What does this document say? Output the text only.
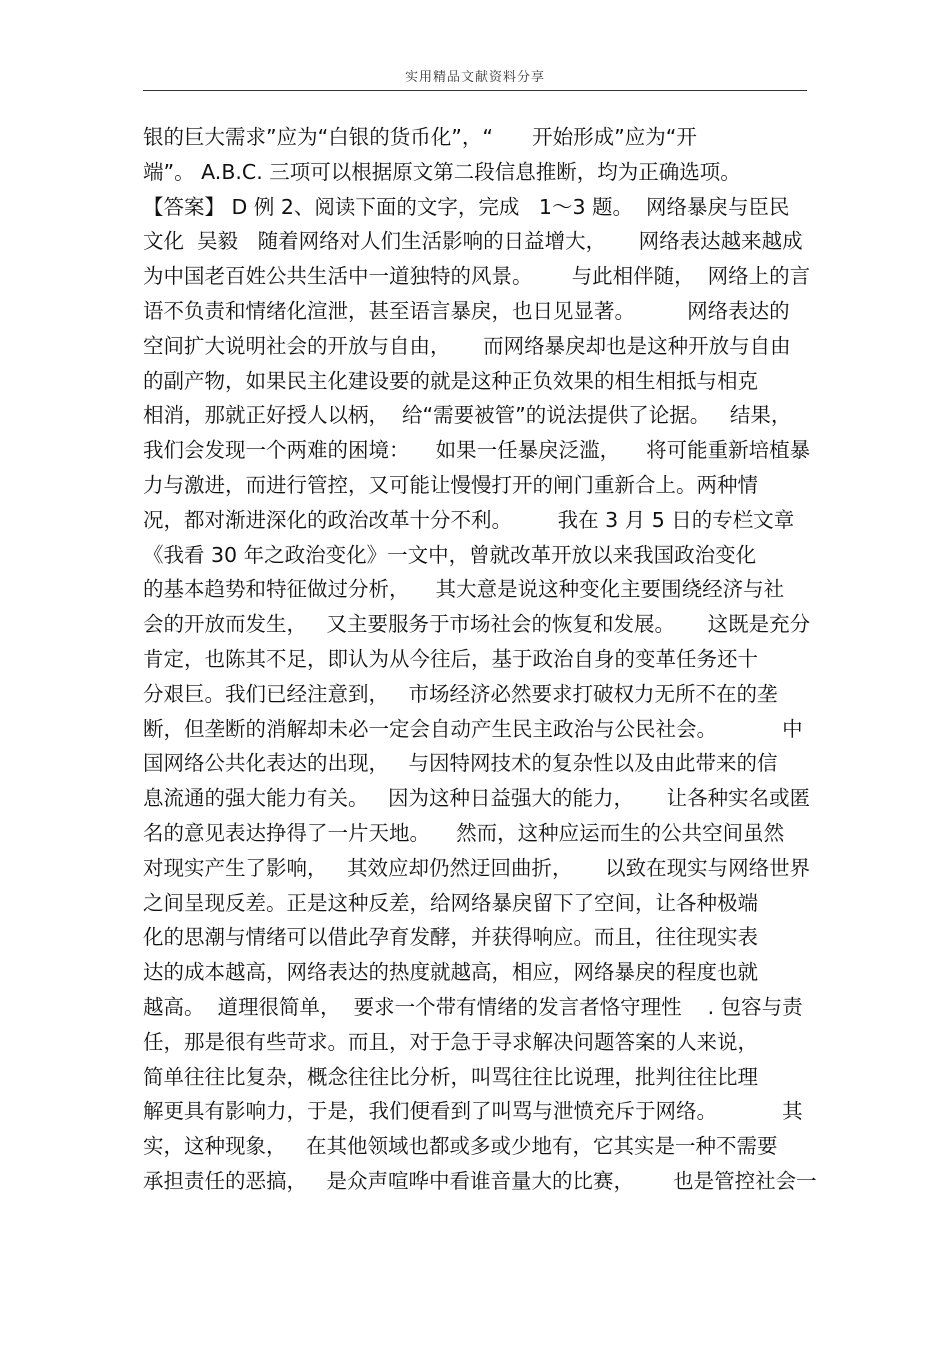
实用精品文献资料分享
银的巨大需求”应为“白银的货币化”，“      开始形成”应为“开
端”。 A.B.C. 三项可以根据原文第二段信息推断，均为正确选项。
【答案】 D 例 2、阅读下面的文字，完成   1～3 题。  网络暴戾与臣民
文化  吴毅   随着网络对人们生活影响的日益增大，     网络表达越来越成
为中国老百姓公共生活中一道独特的风景。      与此相伴随，  网络上的言
语不负责和情绪化渲泄，甚至语言暴戾，也日见显著。        网络表达的
空间扩大说明社会的开放与自由，     而网络暴戾却也是这种开放与自由
的副产物，如果民主化建设要的就是这种正负效果的相生相抵与相克
相消，那就正好授人以柄，  给“需要被管”的说法提供了论据。   结果，
我们会发现一个两难的困境：    如果一任暴戾泛滥，    将可能重新培植暴
力与激进，而进行管控，又可能让慢慢打开的闸门重新合上。两种情
况，都对渐进深化的政治改革十分不利。       我在 3 月 5 日的专栏文章
《我看 30 年之政治变化》一文中，曾就改革开放以来我国政治变化
的基本趋势和特征做过分析，    其大意是说这种变化主要围绕经济与社
会的开放而发生，   又主要服务于市场社会的恢复和发展。     这既是充分
肯定，也陈其不足，即认为从今往后，基于政治自身的变革任务还十
分艰巨。我们已经注意到，   市场经济必然要求打破权力无所不在的垄
断，但垄断的消解却未必一定会自动产生民主政治与公民社会。          中
国网络公共化表达的出现，   与因特网技术的复杂性以及由此带来的信
息流通的强大能力有关。   因为这种日益强大的能力，     让各种实名或匿
名的意见表达挣得了一片天地。    然而，这种应运而生的公共空间虽然
对现实产生了影响，   其效应却仍然迂回曲折，     以致在现实与网络世界
之间呈现反差。正是这种反差，给网络暴戾留下了空间，让各种极端
化的思潮与情绪可以借此孕育发酵，并获得响应。而且，往往现实表
达的成本越高，网络表达的热度就越高，相应，网络暴戾的程度也就
越高。  道理很简单，  要求一个带有情绪的发言者恪守理性    . 包容与责
任，那是很有些苛求。而且，对于急于寻求解决问题答案的人来说，
简单往往比复杂，概念往往比分析，叫骂往往比说理，批判往往比理
解更具有影响力，于是，我们便看到了叫骂与泄愤充斥于网络。          其
实，这种现象，   在其他领域也都或多或少地有，它其实是一种不需要
承担责任的恶搞，   是众声喧哗中看谁音量大的比赛，      也是管控社会一
